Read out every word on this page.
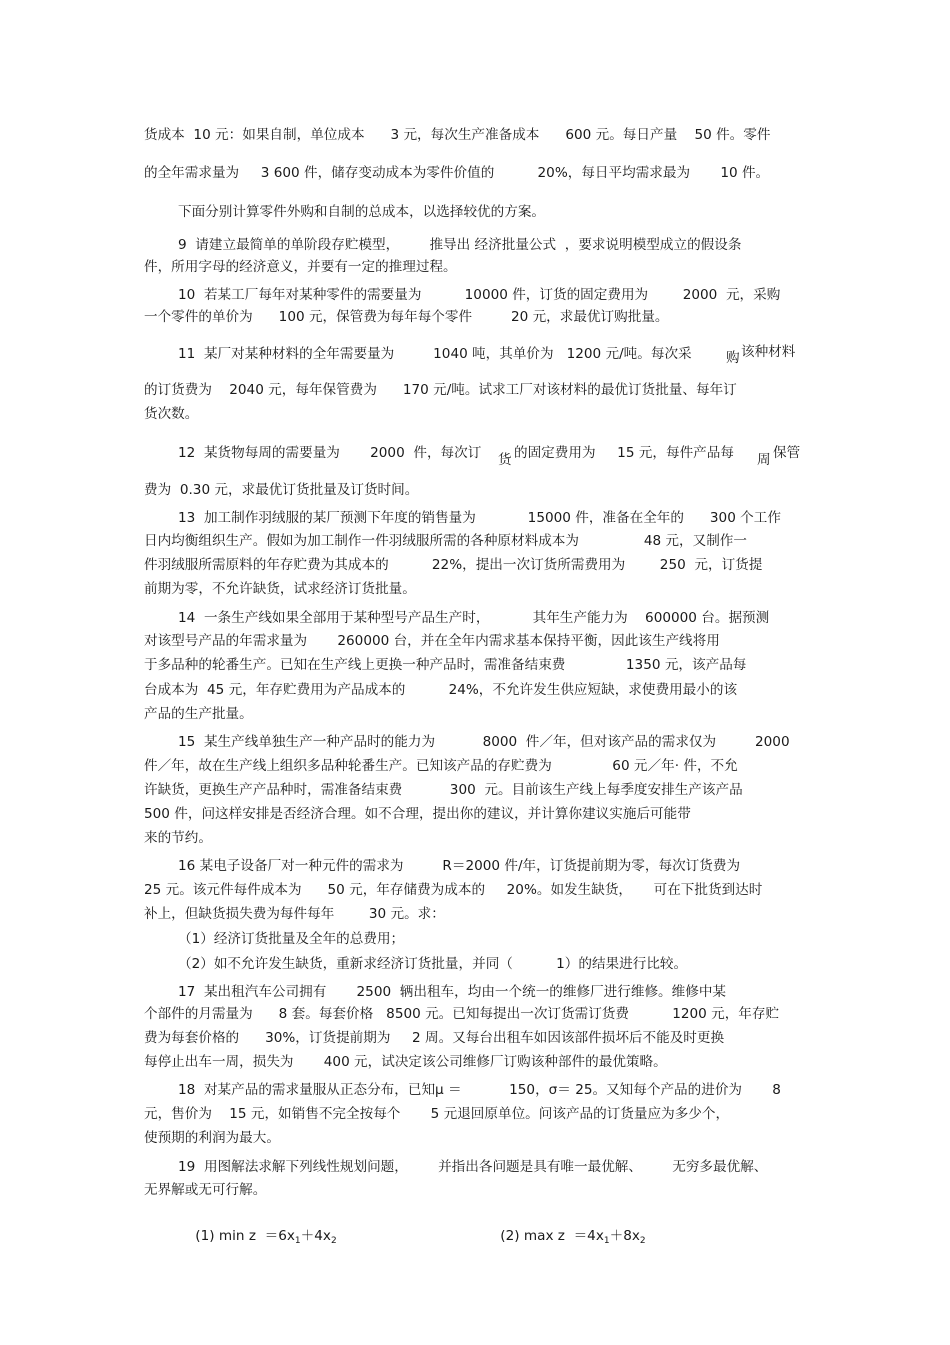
货成本  10 元：如果自制，单位成本      3 元，每次生产准备成本      600 元。每日产量    50 件。零件
的全年需求量为     3 600 件，储存变动成本为零件价值的          20%，每日平均需求最为       10 件。
下面分别计算零件外购和自制的总成本，以选择较优的方案。
9  请建立最简单的单阶段存贮模型，       推导出 经济批量公式  ，要求说明模型成立的假设条
件，所用字母的经济意义，并要有一定的推理过程。
10  若某工厂每年对某种零件的需要量为          10000 件，订货的固定费用为        2000  元，采购
一个零件的单价为      100 元，保管费为每年每个零件         20 元，求最优订购批量。
11  某厂对某种材料的全年需要量为         1040 吨，其单价为   1200 元/吨。每次采	购 该种材料
的订货费为    2040 元，每年保管费为      170 元/吨。试求工厂对该材料的最优订货批量、每年订
货次数。
12  某货物每周的需要量为       2000  件，每次订 货 的固定费用为     15 元，每件产品每 周 保管
费为  0.30 元，求最优订货批量及订货时间。
13  加工制作羽绒服的某厂预测下年度的销售量为            15000 件，准备在全年的      300 个工作
日内均衡组织生产。假如为加工制作一件羽绒服所需的各种原材料成本为               48 元，又制作一
件羽绒服所需原料的年存贮费为其成本的          22%，提出一次订货所需费用为        250  元，订货提
前期为零，不允许缺货，试求经济订货批量。
14  一条生产线如果全部用于某种型号产品生产时，          其年生产能力为    600000 台。据预测
对该型号产品的年需求量为       260000 台，并在全年内需求基本保持平衡，因此该生产线将用
于多品种的轮番生产。已知在生产线上更换一种产品时，需准备结束费              1350 元，该产品每
台成本为  45 元，年存贮费用为产品成本的          24%，不允许发生供应短缺，求使费用最小的该
产品的生产批量。
15  某生产线单独生产一种产品时的能力为           8000  件／年，但对该产品的需求仅为         2000
件／年，故在生产线上组织多品种轮番生产。已知该产品的存贮费为              60 元／年· 件，不允
许缺货，更换生产产品种时，需准备结束费           300  元。目前该生产线上每季度安排生产该产品
500 件，问这样安排是否经济合理。如不合理，提出你的建议，并计算你建议实施后可能带
来的节约。
16 某电子设备厂对一种元件的需求为         R＝2000 件/年，订货提前期为零，每次订货费为
25 元。该元件每件成本为      50 元，年存储费为成本的     20%。如发生缺货，     可在下批货到达时
补上，但缺货损失费为每件每年        30 元。求：
（1）经济订货批量及全年的总费用；
（2）如不允许发生缺货，重新求经济订货批量，并同（          1）的结果进行比较。
17  某出租汽车公司拥有       2500  辆出租车，均由一个统一的维修厂进行维修。维修中某
个部件的月需量为      8 套。每套价格   8500 元。已知每提出一次订货需订货费          1200 元，年存贮
费为每套价格的      30%，订货提前期为     2 周。又每台出租车如因该部件损坏后不能及时更换
每停止出车一周，损失为       400 元，试决定该公司维修厂订购该种部件的最优策略。
18  对某产品的需求量服从正态分布，已知μ ＝           150，σ＝ 25。又知每个产品的进价为       8
元，售价为    15 元，如销售不完全按每个       5 元退回原单位。问该产品的订货量应为多少个，
使预期的利润为最大。
19  用图解法求解下列线性规划问题，       并指出各问题是具有唯一最优解、       无穷多最优解、
无界解或无可行解。

(1) $\min z =6x_1+4x_2$
	(2) $\max z =4x_1+8x_2$
